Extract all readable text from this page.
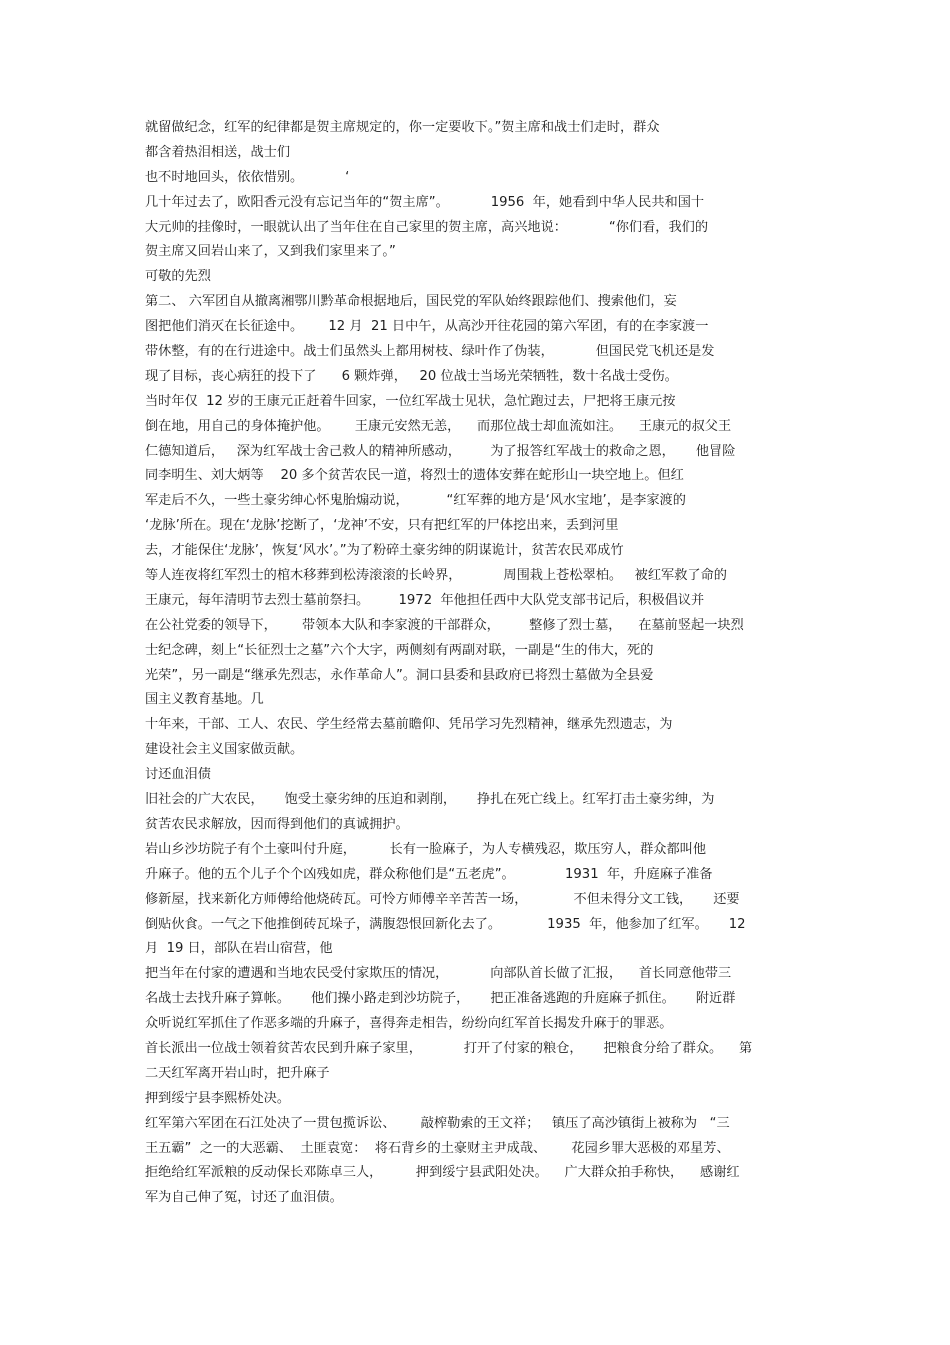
就留做纪念，红军的纪律都是贺主席规定的，你一定要收下。”贺主席和战士们走时，群众
都含着热泪相送，战士们
也不时地回头，依依惜别。          ‘
几十年过去了，欧阳香元没有忘记当年的“贺主席”。          1956  年，她看到中华人民共和国十
大元帅的挂像时，一眼就认出了当年住在自己家里的贺主席，高兴地说：          “你们看，我们的
贺主席又回岩山来了，又到我们家里来了。”
可敬的先烈
第二、 六军团自从撤离湘鄂川黔革命根据地后，国民党的军队始终跟踪他们、搜索他们，妄
图把他们消灭在长征途中。      12 月  21 日中午，从高沙开往花园的第六军团，有的在李家渡一
带休整，有的在行进途中。战士们虽然头上都用树枝、绿叶作了伪装，          但国民党飞机还是发
现了目标，丧心病狂的投下了      6 颗炸弹，   20 位战士当场光荣牺牲，数十名战士受伤。
当时年仅  12 岁的王康元正赶着牛回家，一位红军战士见状，急忙跑过去，尸把将王康元按
倒在地，用自己的身体掩护他。      王康元安然无恙，    而那位战士却血流如注。    王康元的叔父王
仁德知道后，   深为红军战士舍己救人的精神所感动，       为了报答红军战士的救命之恩，     他冒险
同李明生、刘大炳等    20 多个贫苦农民一道，将烈士的遗体安葬在蛇形山一块空地上。但红
军走后不久，一些土豪劣绅心怀鬼胎煽动说，         “红军葬的地方是‘风水宝地’，是李家渡的
‘龙脉’所在。现在‘龙脉’挖断了，‘龙神’不安，只有把红军的尸体挖出来，丢到河里
去，才能保住‘龙脉’，恢复‘风水’。”为了粉碎土豪劣绅的阴谋诡计，贫苦农民邓成竹
等人连夜将红军烈士的棺木移葬到松涛滚滚的长岭界，          周围栽上苍松翠柏。   被红军救了命的
王康元，每年清明节去烈士墓前祭扫。       1972  年他担任西中大队党支部书记后，积极倡议并
在公社党委的领导下，      带领本大队和李家渡的干部群众，       整修了烈士墓，    在墓前竖起一块烈
士纪念碑，刻上“长征烈士之墓”六个大字，两侧刻有两副对联，一副是“生的伟大，死的
光荣”，另一副是“继承先烈志，永作革命人”。洞口县委和县政府已将烈士墓做为全县爱
国主义教育基地。几
十年来，干部、工人、农民、学生经常去墓前瞻仰、凭吊学习先烈精神，继承先烈遗志，为
建设社会主义国家做贡献。
讨还血泪债
旧社会的广大农民，     饱受土豪劣绅的压迫和剥削，     挣扎在死亡线上。红军打击土豪劣绅，为
贫苦农民求解放，因而得到他们的真诚拥护。
岩山乡沙坊院子有个土豪叫付升庭，        长有一脸麻子，为人专横残忍，欺压穷人，群众都叫他
升麻子。他的五个儿子个个凶残如虎，群众称他们是“五老虎”。            1931  年，升庭麻子准备
修新屋，找来新化方师傅给他烧砖瓦。可怜方师傅辛辛苦苦一场，           不但未得分文工钱，     还要
倒贴伙食。一气之下他推倒砖瓦垛子，满腹怨恨回新化去了。           1935  年，他参加了红军。     12
月  19 日，部队在岩山宿营，他
把当年在付家的遭遇和当地农民受付家欺压的情况，          向部队首长做了汇报，    首长同意他带三
名战士去找升麻子算帐。     他们操小路走到沙坊院子，     把正准备逃跑的升庭麻子抓住。     附近群
众听说红军抓住了作恶多端的升麻子，喜得奔走相告，纷纷向红军首长揭发升麻于的罪恶。
首长派出一位战士领着贫苦农民到升麻子家里，          打开了付家的粮仓，     把粮食分给了群众。    第
二天红军离开岩山时，把升麻子
押到绥宁县李熙桥处决。
红军第六军团在石江处决了一贯包揽诉讼、      敲榨勒索的王文祥；   镇压了高沙镇街上被称为   “三
王五霸”  之一的大恶霸、  土匪袁宽：  将石背乡的土豪财主尹成哉、      花园乡罪大恶极的邓星芳、
拒绝给红军派粮的反动保长邓陈卓三人，        押到绥宁县武阳处决。    广大群众拍手称快，    感谢红
军为自己伸了冤，讨还了血泪债。
